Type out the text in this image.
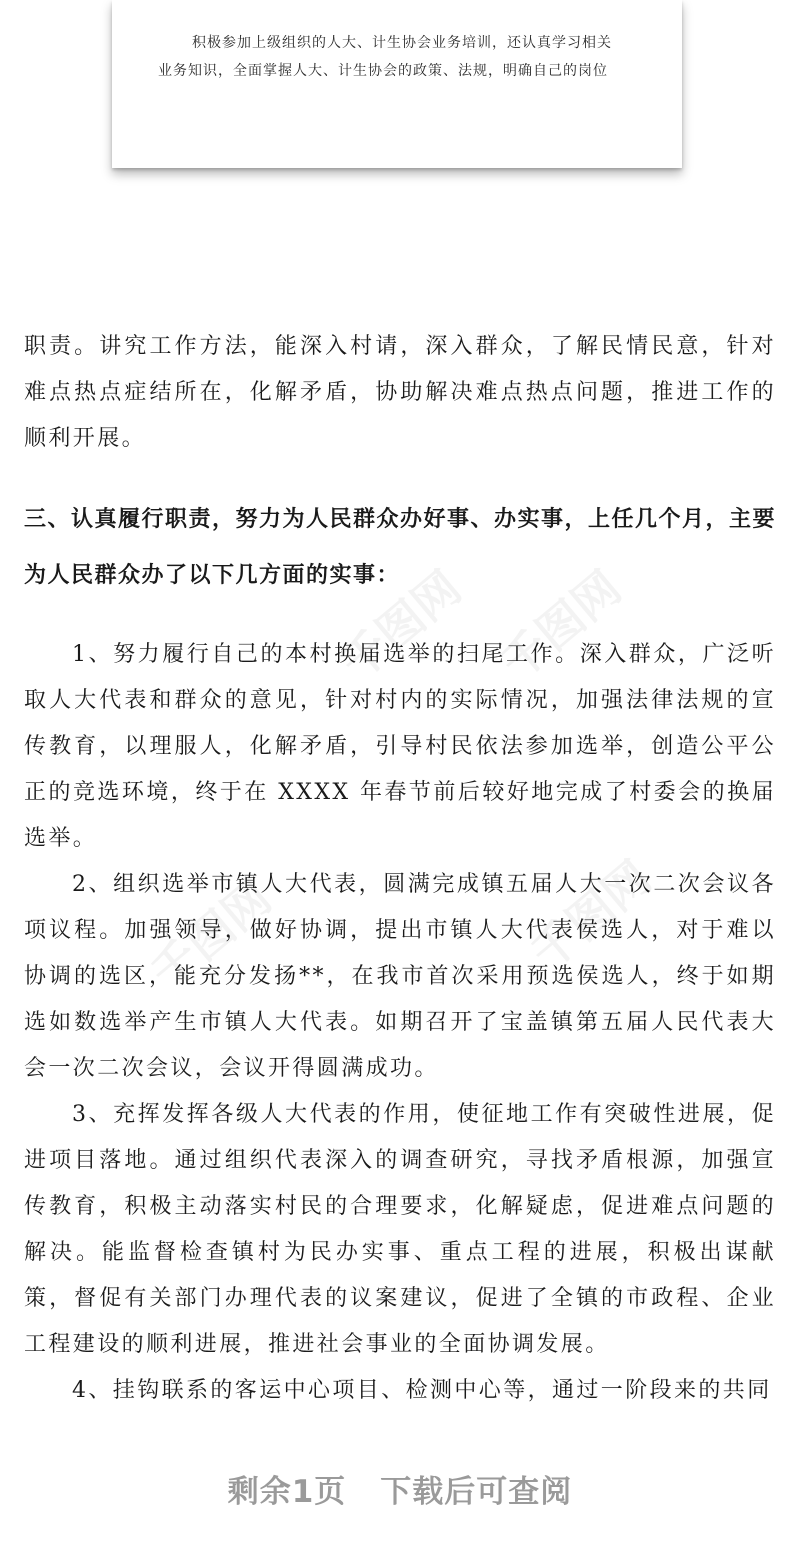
积极参加上级组织的人大、计生协会业务培训，还认真学习相关

业务知识，全面掌握人大、计生协会的政策、法规，明确自己的岗位

千图网 千图网
千图网	千图网

职责。讲究工作方法，能深入村请，深入群众，了解民情民意，针对难点热点症结所在，化解矛盾，协助解决难点热点问题，推进工作的顺利开展。

三、认真履行职责，努力为人民群众办好事、办实事，上任几个月，主要为人民群众办了以下几方面的实事：

1、努力履行自己的本村换届选举的扫尾工作。深入群众，广泛听取人大代表和群众的意见，针对村内的实际情况，加强法律法规的宣传教育，以理服人，化解矛盾，引导村民依法参加选举，创造公平公正的竞选环境，终于在 XXXX 年春节前后较好地完成了村委会的换届选举。

2、组织选举市镇人大代表，圆满完成镇五届人大一次二次会议各项议程。加强领导，做好协调，提出市镇人大代表侯选人，对于难以协调的选区，能充分发扬**，在我市首次采用预选侯选人，终于如期选如数选举产生市镇人大代表。如期召开了宝盖镇第五届人民代表大会一次二次会议，会议开得圆满成功。

3、充挥发挥各级人大代表的作用，使征地工作有突破性进展，促进项目落地。通过组织代表深入的调查研究，寻找矛盾根源，加强宣传教育，积极主动落实村民的合理要求，化解疑虑，促进难点问题的解决。能监督检查镇村为民办实事、重点工程的进展，积极出谋献策，督促有关部门办理代表的议案建议，促进了全镇的市政程、企业工程建设的顺利进展，推进社会事业的全面协调发展。

4、挂钩联系的客运中心项目、检测中心等，通过一阶段来的共同

剩余1页 下载后可查阅
